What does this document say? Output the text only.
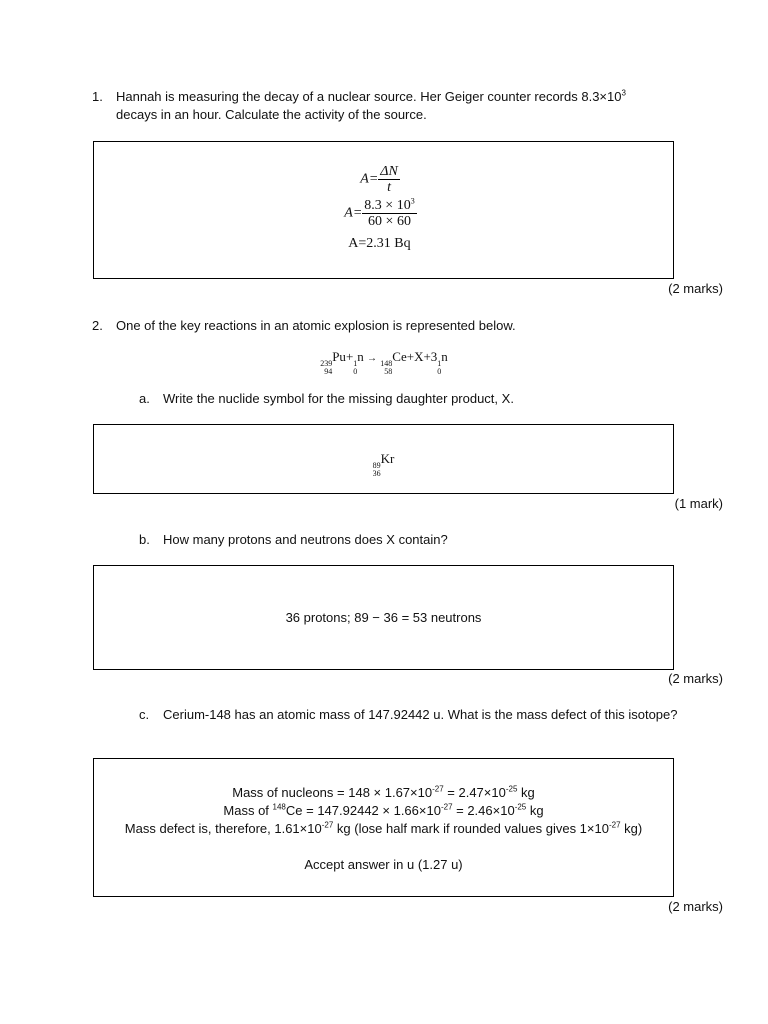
1. Hannah is measuring the decay of a nuclear source. Her Geiger counter records $8.3\times 10^3$
decays in an hour. Calculate the activity of the source.
$A= \frac{\Delta N}{t}$
$A= \frac{8.3 \times 10^3}{60 \times 60}$
A=2.31 Bq
(2 marks)
2. One of the key reactions in an atomic explosion is represented below.
239
94
Pu+ 1
0
n → 148
58
Ce+X+3 1
0
n
a. Write the nuclide symbol for the missing daughter product, X.
89
36
Kr
(1 mark)
b. How many protons and neutrons does X contain?
36 protons; 89 − 36 = 53 neutrons
(2 marks)
c. Cerium-148 has an atomic mass of 147.92442 u. What is the mass defect of this isotope?
Mass of nucleons = $148 \times 1.67\times 10^{-27} = 2.47\times 10^{-25}$ kg
Mass of $^{148}Ce = 147.92442 \times 1.66\times 10^{-27} = 2.46\times 10^{-25}$ kg
Mass defect is, therefore, $1.61\times 10^{-27}$ kg (lose half mark if rounded values gives $1\times 10^{-27}$ kg)
Accept answer in u (1.27 u)
(2 marks)
